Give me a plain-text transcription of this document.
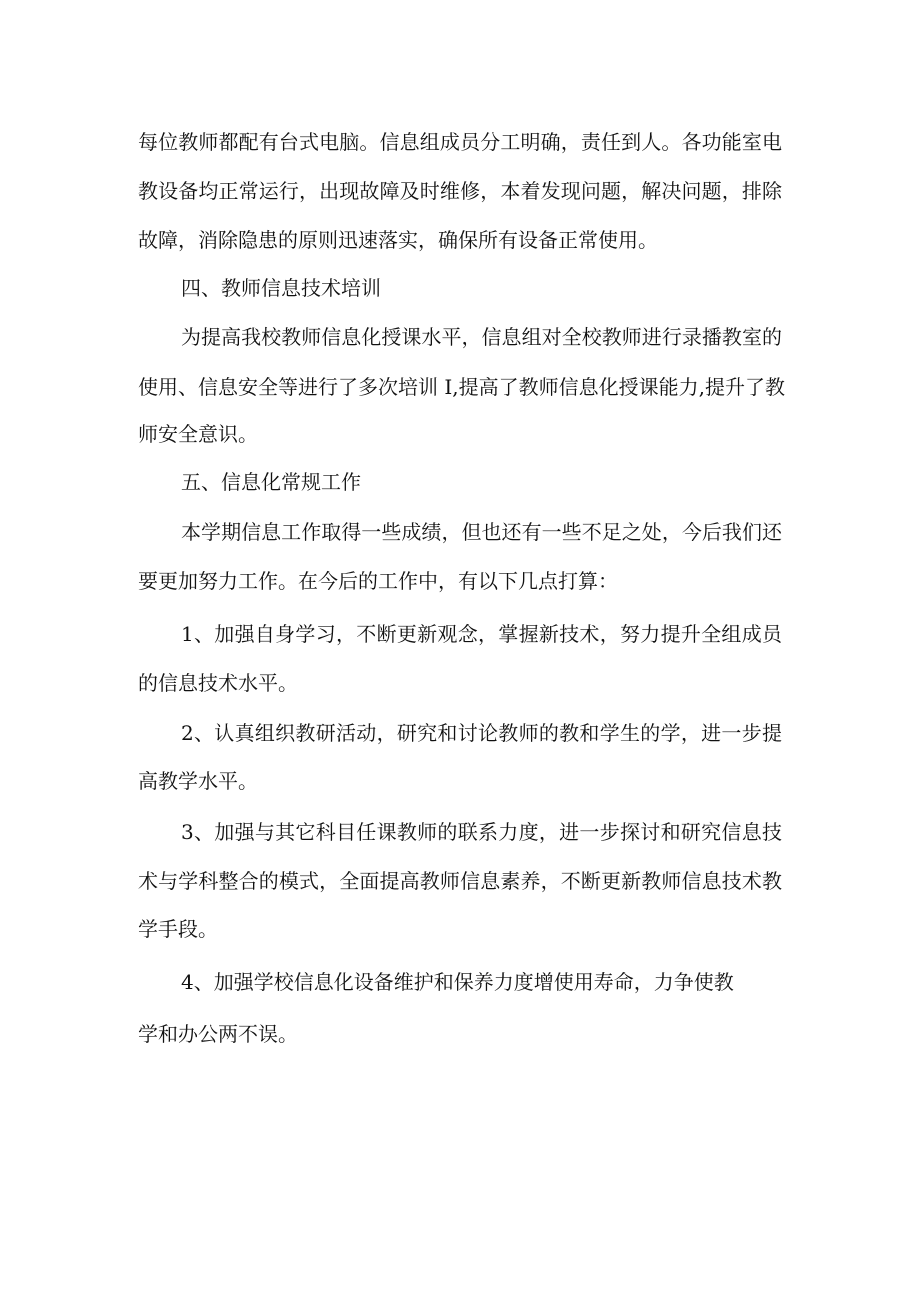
每位教师都配有台式电脑。信息组成员分工明确，责任到人。各功能室电

教设备均正常运行，出现故障及时维修，本着发现问题，解决问题，排除

故障，消除隐患的原则迅速落实，确保所有设备正常使用。

四、教师信息技术培训

为提高我校教师信息化授课水平，信息组对全校教师进行录播教室的

使用、信息安全等进行了多次培训 I,提高了教师信息化授课能力,提升了教

师安全意识。

五、信息化常规工作

本学期信息工作取得一些成绩，但也还有一些不足之处，今后我们还

要更加努力工作。在今后的工作中，有以下几点打算：

1、加强自身学习，不断更新观念，掌握新技术，努力提升全组成员

的信息技术水平。

2、认真组织教研活动，研究和讨论教师的教和学生的学，进一步提

高教学水平。

3、加强与其它科目任课教师的联系力度，进一步探讨和研究信息技

术与学科整合的模式，全面提高教师信息素养，不断更新教师信息技术教

学手段。

4、加强学校信息化设备维护和保养力度增使用寿命，力争使教

学和办公两不误。
